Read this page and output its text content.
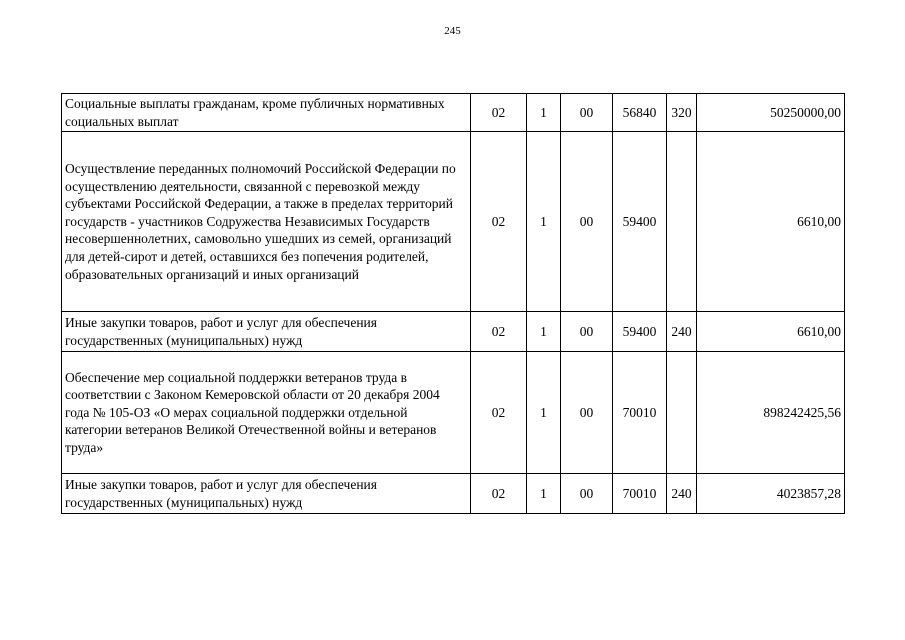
245
Социальные выплаты гражданам, кроме публичных нормативных социальных выплат	02	1	00	56840	320	50250000,00
Осуществление переданных полномочий Российской Федерации по осуществлению деятельности, связанной с перевозкой между субъектами Российской Федерации, а также в пределах территорий государств - участников Содружества Независимых Государств несовершеннолетних, самовольно ушедших из семей, организаций для детей-сирот и детей, оставшихся без попечения родителей, образовательных организаций и иных организаций	02	1	00	59400		6610,00
Иные закупки товаров, работ и услуг для обеспечения государственных (муниципальных) нужд	02	1	00	59400	240	6610,00
Обеспечение мер социальной поддержки ветеранов труда в соответствии с Законом Кемеровской области от 20 декабря 2004 года № 105-ОЗ «О мерах социальной поддержки отдельной категории ветеранов Великой Отечественной войны и ветеранов труда»	02	1	00	70010		898242425,56
Иные закупки товаров, работ и услуг для обеспечения государственных (муниципальных) нужд	02	1	00	70010	240	4023857,28
